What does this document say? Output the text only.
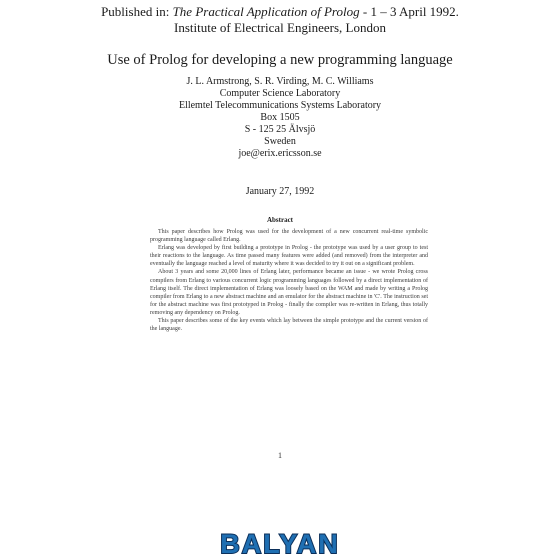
Published in: The Practical Application of Prolog - 1 – 3 April 1992.
Institute of Electrical Engineers, London
Use of Prolog for developing a new programming language
J. L. Armstrong, S. R. Virding, M. C. Williams
Computer Science Laboratory
Ellemtel Telecommunications Systems Laboratory
Box 1505
S - 125 25 Älvsjö
Sweden
joe@erix.ericsson.se
January 27, 1992
Abstract

This paper describes how Prolog was used for the development of a new concurrent real-time symbolic programming language called Erlang.

Erlang was developed by first building a prototype in Prolog - the prototype was used by a user group to test their reactions to the language. As time passed many features were added (and removed) from the interpreter and eventually the language reached a level of maturity where it was decided to try it out on a significant problem.

About 3 years and some 20,000 lines of Erlang later, performance became an issue - we wrote Prolog cross compilers from Erlang to various concurrent logic programming languages followed by a direct implementation of Erlang itself. The direct implementation of Erlang was loosely based on the WAM and made by writing a Prolog compiler from Erlang to a new abstract machine and an emulator for the abstract machine in 'C'. The instruction set for the abstract machine was first prototyped in Prolog - finally the compiler was re-written in Erlang, thus totally removing any dependency on Prolog.

This paper describes some of the key events which lay between the simple prototype and the current version of the language.

1
BALYAN
